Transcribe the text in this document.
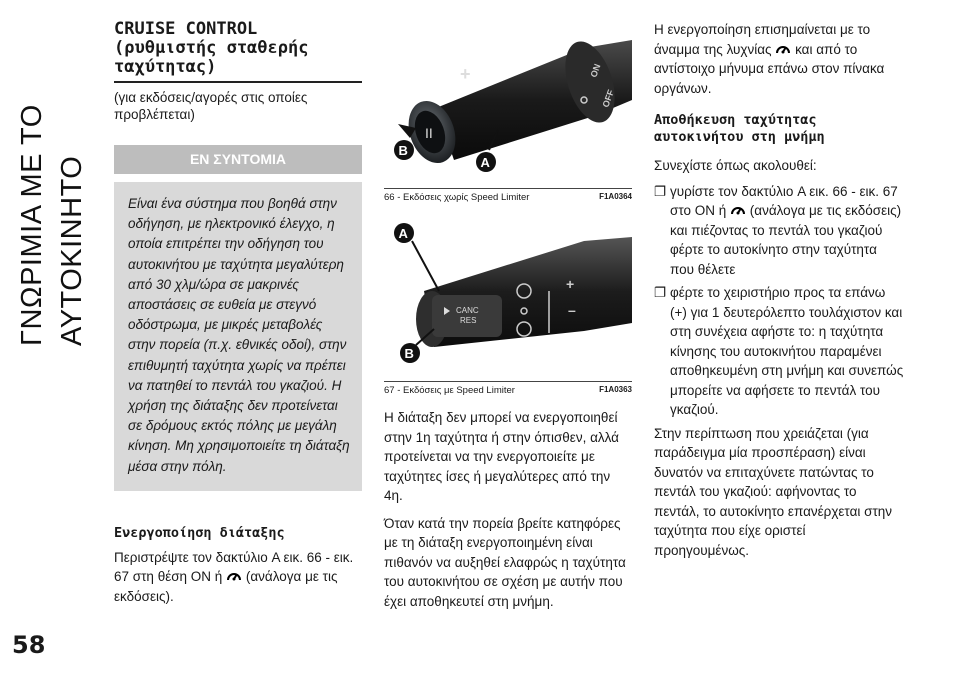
ΓΝΩΡΙΜΙΑ ΜΕ ΤΟ ΑΥΤΟΚΙΝΗΤΟ
58
CRUISE CONTROL
(ρυθμιστής σταθερής
ταχύτητας)
(για εκδόσεις/αγορές στις οποίες προβλέπεται)
ΕΝ ΣΥΝΤΟΜΙΑ
Είναι ένα σύστημα που βοηθά στην οδήγηση, με ηλεκτρονικό έλεγχο, η οποία επιτρέπει την οδήγηση του αυτοκινήτου με ταχύτητα μεγαλύτερη από 30 χλμ/ώρα σε μακρινές αποστάσεις σε ευθεία με στεγνό οδόστρωμα, με μικρές μεταβολές στην πορεία (π.χ. εθνικές οδοί), στην επιθυμητή ταχύτητα χωρίς να πρέπει να πατηθεί το πεντάλ του γκαζιού. Η χρήση της διάταξης δεν προτείνεται σε δρόμους εκτός πόλης με μεγάλη κίνηση. Μη χρησιμοποιείτε τη διάταξη μέσα στην πόλη.
Ενεργοποίηση διάταξης

Περιστρέψτε τον δακτύλιο A εικ. 66 - εικ. 67 στη θέση ON ή (ανάλογα με τις εκδόσεις).

II
+	ON
OFF
B
A
66 - Εκδόσεις χωρίς Speed Limiter	F1A0364
CANC
RES
+
–
A
B
67 - Εκδόσεις με Speed Limiter	F1A0363

Η διάταξη δεν μπορεί να ενεργοποιηθεί στην 1η ταχύτητα ή στην όπισθεν, αλλά προτείνεται να την ενεργοποιείτε με ταχύτητες ίσες ή μεγαλύτερες από την 4η.

Όταν κατά την πορεία βρείτε κατηφόρες με τη διάταξη ενεργοποιημένη είναι πιθανόν να αυξηθεί ελαφρώς η ταχύτητα του αυτοκινήτου σε σχέση με αυτήν που έχει αποθηκευτεί στη μνήμη.

Η ενεργοποίηση επισημαίνεται με το άναμμα της λυχνίας και από το αντίστοιχο μήνυμα επάνω στον πίνακα οργάνων.

Αποθήκευση ταχύτητας αυτοκινήτου στη μνήμη

Συνεχίστε όπως ακολουθεί:

❐ γυρίστε τον δακτύλιο A εικ. 66 - εικ. 67 στο ON ή (ανάλογα με τις εκδόσεις) και πιέζοντας το πεντάλ του γκαζιού φέρτε το αυτοκίνητο στην ταχύτητα που θέλετε
❐ φέρτε το χειριστήριο προς τα επάνω (+) για 1 δευτερόλεπτο τουλάχιστον και στη συνέχεια αφήστε το: η ταχύτητα κίνησης του αυτοκινήτου παραμένει αποθηκευμένη στη μνήμη και συνεπώς μπορείτε να αφήσετε το πεντάλ του γκαζιού.

Στην περίπτωση που χρειάζεται (για παράδειγμα μία προσπέραση) είναι δυνατόν να επιταχύνετε πατώντας το πεντάλ του γκαζιού: αφήνοντας το πεντάλ, το αυτοκίνητο επανέρχεται στην ταχύτητα που είχε οριστεί προηγουμένως.
